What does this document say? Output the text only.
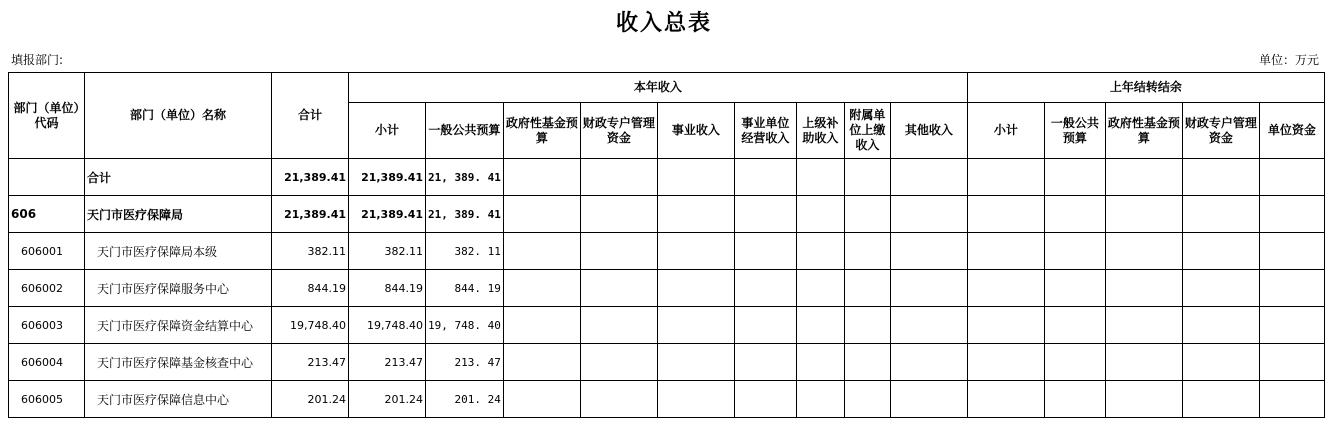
收入总表
填报部门:	单位：万元
部门（单位）代码	部门（单位）名称	合计	本年收入									上年结转结余				
			小计	一般公共预算	政府性基金预算	财政专户管理资金	事业收入	事业单位经营收入	上级补助收入	附属单位上缴收入	其他收入	小计	一般公共预算	政府性基金预算	财政专户管理资金	单位资金
	合计	21,389.41	21,389.41	21, 389. 41												
606	天门市医疗保障局	21,389.41	21,389.41	21, 389. 41												
606001	天门市医疗保障局本级	382.11	382.11	382. 11												
606002	天门市医疗保障服务中心	844.19	844.19	844. 19												
606003	天门市医疗保障资金结算中心	19,748.40	19,748.40	19, 748. 40												
606004	天门市医疗保障基金核查中心	213.47	213.47	213. 47												
606005	天门市医疗保障信息中心	201.24	201.24	201. 24												
